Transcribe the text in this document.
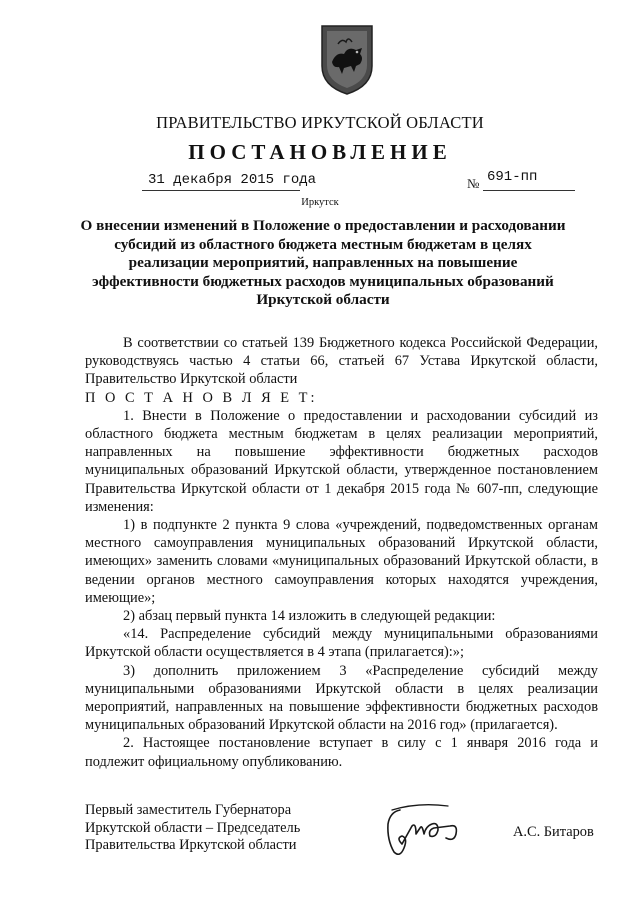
ПРАВИТЕЛЬСТВО ИРКУТСКОЙ ОБЛАСТИ
ПОСТАНОВЛЕНИЕ
31 декабря 2015 года	№ 691-пп
Иркутск
О внесении изменений в Положение о предоставлении и расходовании
субсидий из областного бюджета местным бюджетам в целях
реализации мероприятий, направленных на повышение
эффективности бюджетных расходов муниципальных образований
Иркутской области

В соответствии со статьей 139 Бюджетного кодекса Российской Федерации, руководствуясь частью 4 статьи 66, статьей 67 Устава Иркутской области, Правительство Иркутской области

П О С Т А Н О В Л Я Е Т:

1. Внести в Положение о предоставлении и расходовании субсидий из областного бюджета местным бюджетам в целях реализации мероприятий, направленных на повышение эффективности бюджетных расходов муниципальных образований Иркутской области, утвержденное постановлением Правительства Иркутской области от 1 декабря 2015 года № 607-пп, следующие изменения:

1) в подпункте 2 пункта 9 слова «учреждений, подведомственных органам местного самоуправления муниципальных образований Иркутской области, имеющих» заменить словами «муниципальных образований Иркутской области, в ведении органов местного самоуправления которых находятся учреждения, имеющие»;

2) абзац первый пункта 14 изложить в следующей редакции:

«14. Распределение субсидий между муниципальными образованиями Иркутской области осуществляется в 4 этапа (прилагается):»;

3) дополнить приложением 3 «Распределение субсидий между муниципальными образованиями Иркутской области в целях реализации мероприятий, направленных на повышение эффективности бюджетных расходов муниципальных образований Иркутской области на 2016 год» (прилагается).

2. Настоящее постановление вступает в силу с 1 января 2016 года и подлежит официальному опубликованию.

Первый заместитель Губернатора
Иркутской области – Председатель
Правительства Иркутской области
А.С. Битаров
